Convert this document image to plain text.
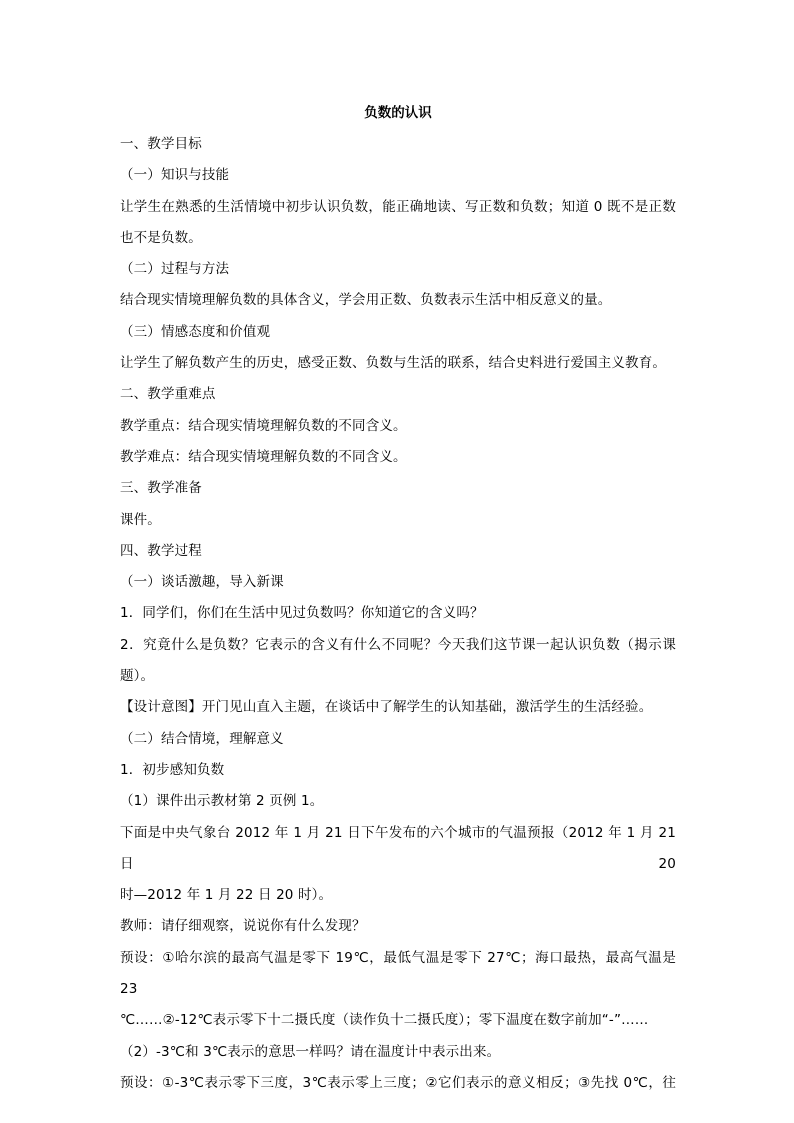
负数的认识
一、教学目标
（一）知识与技能
让学生在熟悉的生活情境中初步认识负数，能正确地读、写正数和负数；知道 0 既不是正数
也不是负数。
（二）过程与方法
结合现实情境理解负数的具体含义，学会用正数、负数表示生活中相反意义的量。
（三）情感态度和价值观
让学生了解负数产生的历史，感受正数、负数与生活的联系，结合史料进行爱国主义教育。
二、教学重难点
教学重点：结合现实情境理解负数的不同含义。
教学难点：结合现实情境理解负数的不同含义。
三、教学准备
课件。
四、教学过程
（一）谈话激趣，导入新课
1．同学们，你们在生活中见过负数吗？你知道它的含义吗？
2．究竟什么是负数？它表示的含义有什么不同呢？今天我们这节课一起认识负数（揭示课
题）。
【设计意图】开门见山直入主题，在谈话中了解学生的认知基础，激活学生的生活经验。
（二）结合情境，理解意义
1．初步感知负数
（1）课件出示教材第 2 页例 1。
下面是中央气象台 2012 年 1 月 21 日下午发布的六个城市的气温预报（2012 年 1 月 21 日 20
时—2012 年 1 月 22 日 20 时）。
教师：请仔细观察，说说你有什么发现？
预设：①哈尔滨的最高气温是零下 19℃，最低气温是零下 27℃；海口最热，最高气温是 23
℃……②-12℃表示零下十二摄氏度（读作负十二摄氏度）；零下温度在数字前加“-”……
（2）-3℃和 3℃表示的意思一样吗？请在温度计中表示出来。
预设：①-3℃表示零下三度，3℃表示零上三度；②它们表示的意义相反；③先找 0℃，往
